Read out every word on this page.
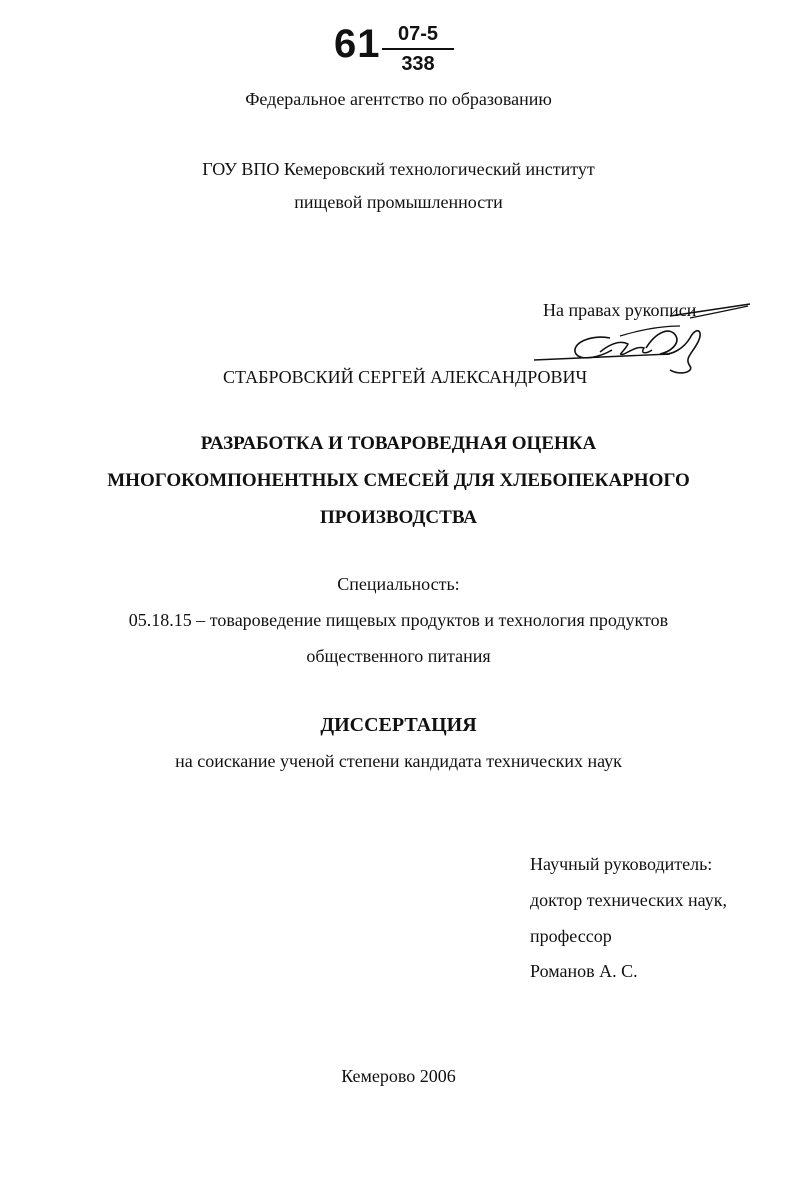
61 07-5
338
Федеральное агентство по образованию
ГОУ ВПО Кемеровский технологический институт
пищевой промышленности
На правах рукописи
СТАБРОВСКИЙ СЕРГЕЙ АЛЕКСАНДРОВИЧ
РАЗРАБОТКА И ТОВАРОВЕДНАЯ ОЦЕНКА
МНОГОКОМПОНЕНТНЫХ СМЕСЕЙ ДЛЯ ХЛЕБОПЕКАРНОГО
ПРОИЗВОДСТВА
Специальность:
05.18.15 – товароведение пищевых продуктов и технология продуктов
общественного питания
ДИССЕРТАЦИЯ
на соискание ученой степени кандидата технических наук
Научный руководитель:
доктор технических наук,
профессор
Романов А. С.
Кемерово 2006
